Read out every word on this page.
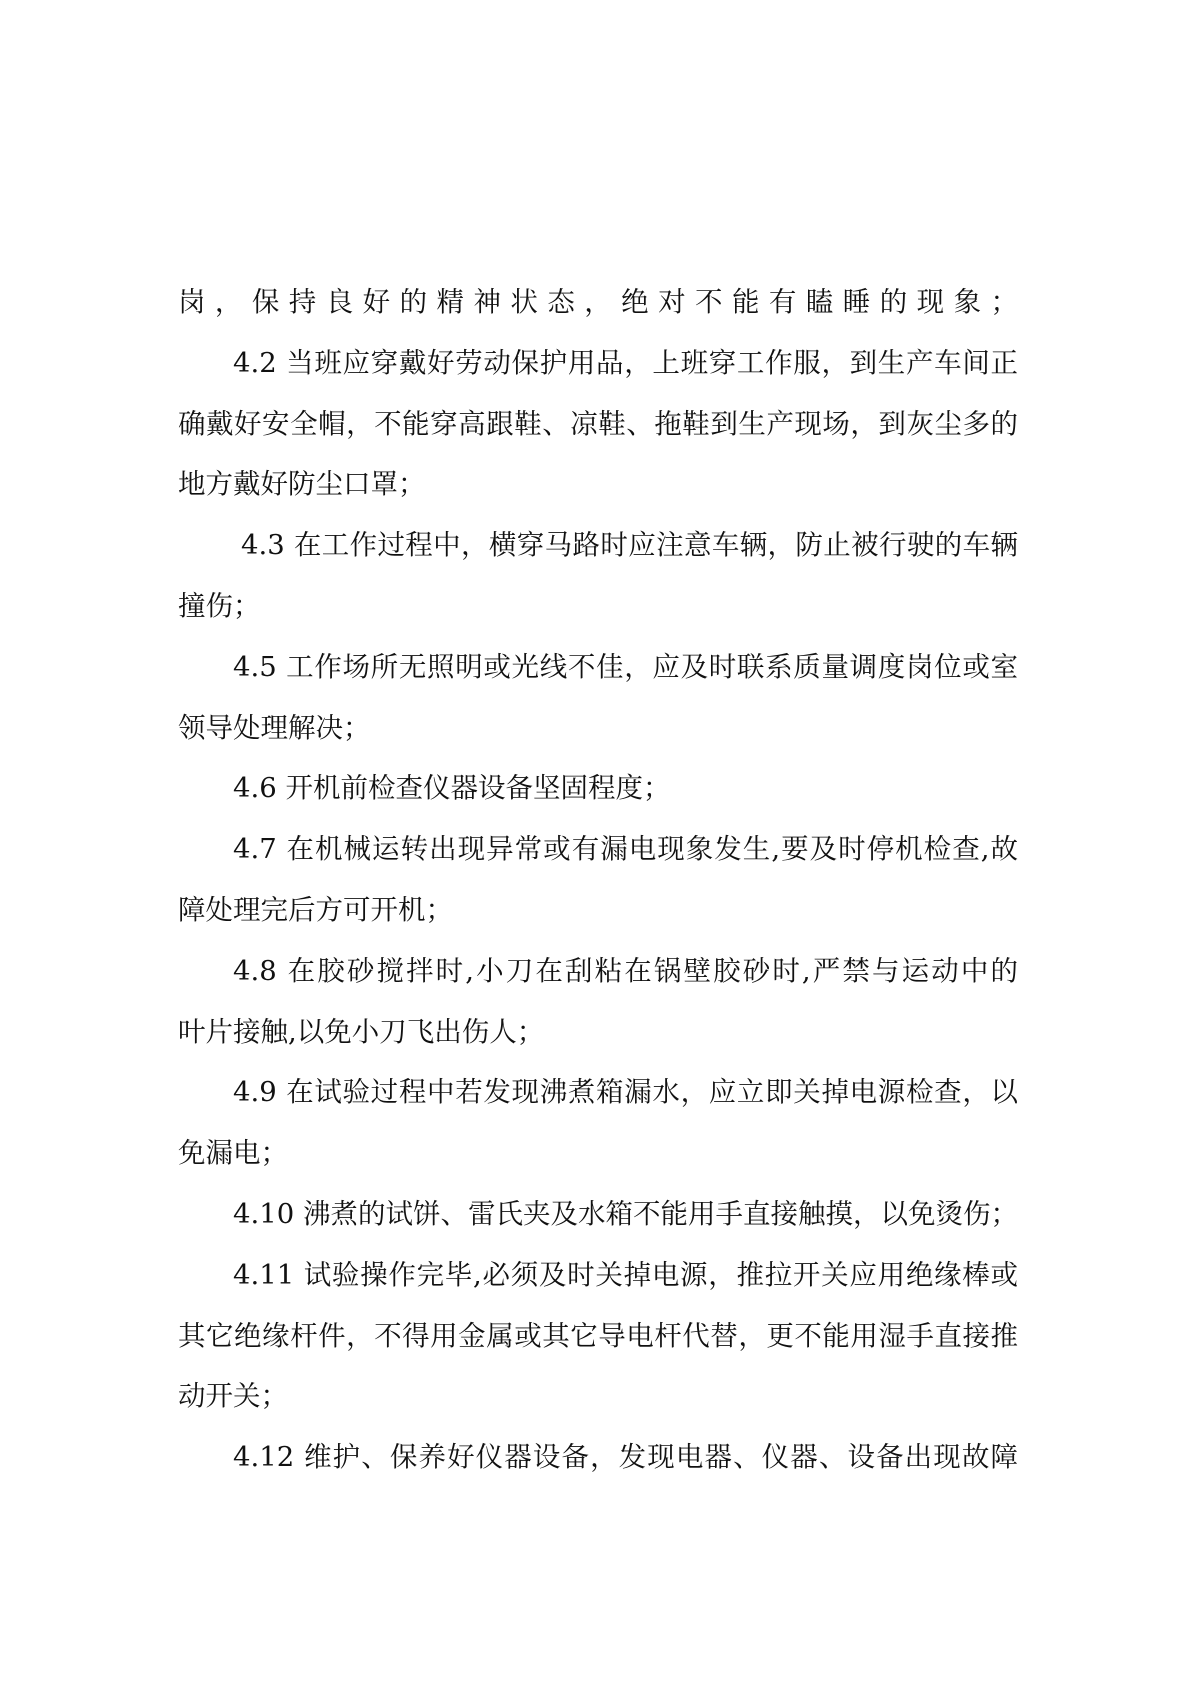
岗，保持良好的精神状态，绝对不能有瞌睡的现象；
4.2 当班应穿戴好劳动保护用品，上班穿工作服，到生产车间正
确戴好安全帽，不能穿高跟鞋、凉鞋、拖鞋到生产现场，到灰尘多的
地方戴好防尘口罩；
4.3 在工作过程中，横穿马路时应注意车辆，防止被行驶的车辆
撞伤；
4.5 工作场所无照明或光线不佳，应及时联系质量调度岗位或室
领导处理解决；
4.6 开机前检查仪器设备坚固程度；
4.7 在机械运转出现异常或有漏电现象发生,要及时停机检查,故
障处理完后方可开机；
4.8 在胶砂搅拌时,小刀在刮粘在锅壁胶砂时,严禁与运动中的
叶片接触,以免小刀飞出伤人；
4.9 在试验过程中若发现沸煮箱漏水，应立即关掉电源检查，以
免漏电；
4.10 沸煮的试饼、雷氏夹及水箱不能用手直接触摸，以免烫伤；
4.11 试验操作完毕,必须及时关掉电源，推拉开关应用绝缘棒或
其它绝缘杆件，不得用金属或其它导电杆代替，更不能用湿手直接推
动开关；
4.12 维护、保养好仪器设备，发现电器、仪器、设备出现故障
